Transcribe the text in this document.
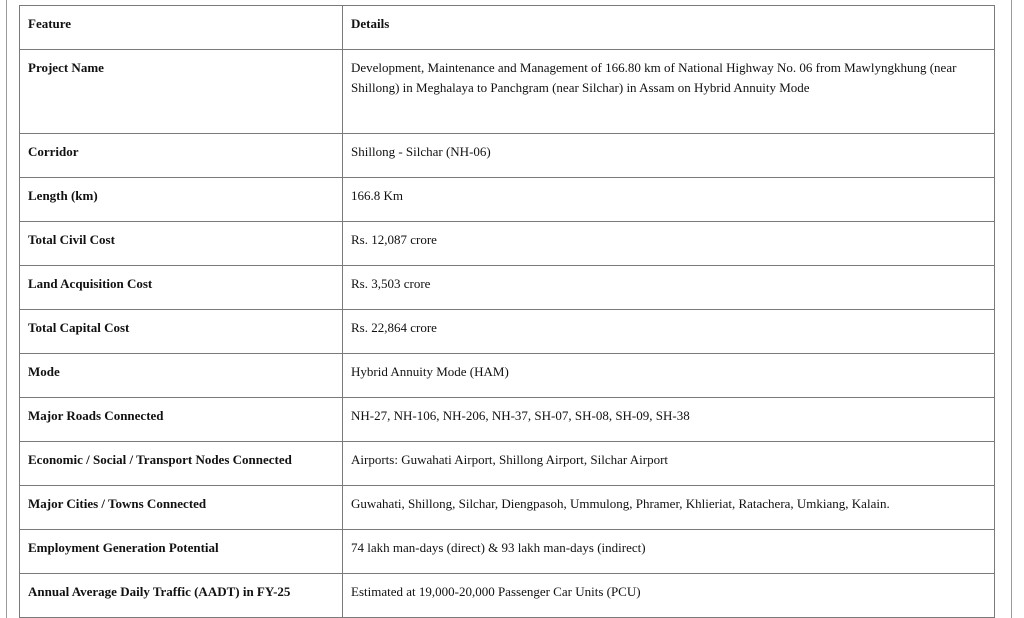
Feature	Details
Project Name	Development, Maintenance and Management of 166.80 km of National Highway No. 06 from Mawlyngkhung (near Shillong) in Meghalaya to Panchgram (near Silchar) in Assam on Hybrid Annuity Mode
Corridor	Shillong - Silchar (NH-06)
Length (km)	166.8 Km
Total Civil Cost	Rs. 12,087 crore
Land Acquisition Cost	Rs. 3,503 crore
Total Capital Cost	Rs. 22,864 crore
Mode	Hybrid Annuity Mode (HAM)
Major Roads Connected	NH-27, NH-106, NH-206, NH-37, SH-07, SH-08, SH-09, SH-38
Economic / Social / Transport Nodes Connected	Airports: Guwahati Airport, Shillong Airport, Silchar Airport
Major Cities / Towns Connected	Guwahati, Shillong, Silchar, Diengpasoh, Ummulong, Phramer, Khlieriat, Ratachera, Umkiang, Kalain.
Employment Generation Potential	74 lakh man-days (direct) & 93 lakh man-days (indirect)
Annual Average Daily Traffic (AADT) in FY-25	Estimated at 19,000-20,000 Passenger Car Units (PCU)
